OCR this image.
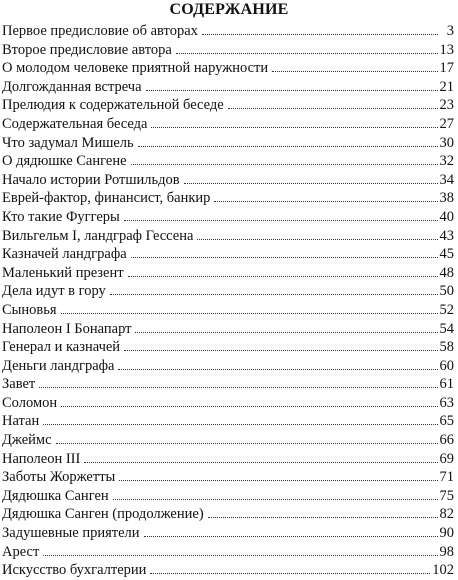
СОДЕРЖАНИЕ
Первое предисловие об авторах	3
Второе предисловие автора	13
О молодом человеке приятной наружности	17
Долгожданная встреча	21
Прелюдия к содержательной беседе	23
Содержательная беседа	27
Что задумал Мишель	30
О дядюшке Сангене	32
Начало истории Ротшильдов	34
Еврей-фактор, финансист, банкир	38
Кто такие Фуггеры	40
Вильгельм I, ландграф Гессена	43
Казначей ландграфа	45
Маленький презент	48
Дела идут в гору	50
Сыновья	52
Наполеон I Бонапарт	54
Генерал и казначей	58
Деньги ландграфа	60
Завет	61
Соломон	63
Натан	65
Джеймс	66
Наполеон III	69
Заботы Жоржетты	71
Дядюшка Санген	75
Дядюшка Санген (продолжение)	82
Задушевные приятели	90
Арест	98
Искусство бухгалтерии	102
